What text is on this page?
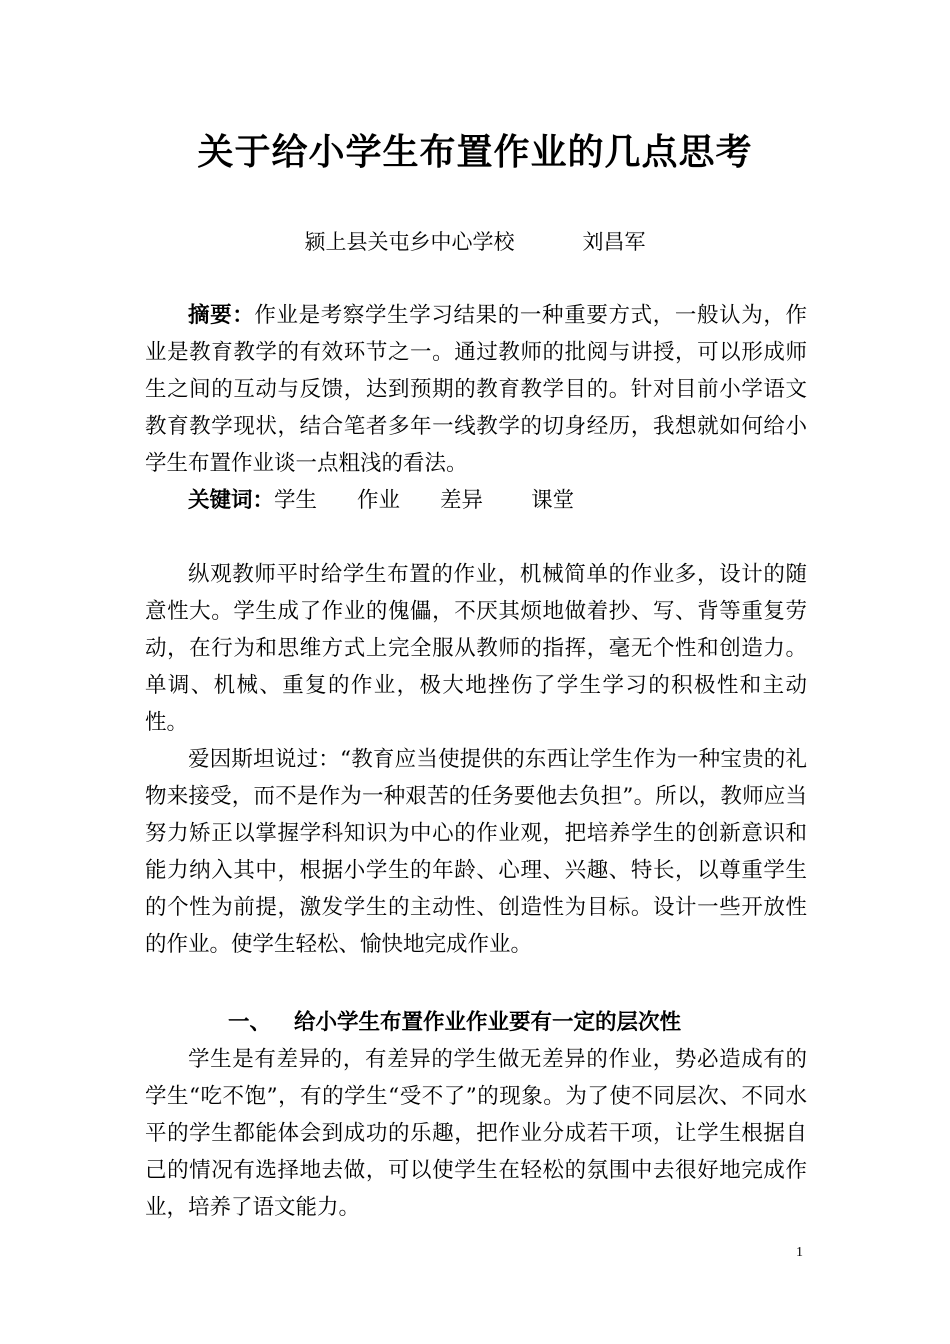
关于给小学生布置作业的几点思考
颍上县关屯乡中心学校	刘昌军

摘要：作业是考察学生学习结果的一种重要方式，一般认为，作业是教育教学的有效环节之一。通过教师的批阅与讲授，可以形成师生之间的互动与反馈，达到预期的教育教学目的。针对目前小学语文教育教学现状，结合笔者多年一线教学的切身经历，我想就如何给小学生布置作业谈一点粗浅的看法。

关键词：学生 作业 差异 课堂

纵观教师平时给学生布置的作业，机械简单的作业多，设计的随意性大。学生成了作业的傀儡，不厌其烦地做着抄、写、背等重复劳动，在行为和思维方式上完全服从教师的指挥，毫无个性和创造力。单调、机械、重复的作业，极大地挫伤了学生学习的积极性和主动性。

爱因斯坦说过：“教育应当使提供的东西让学生作为一种宝贵的礼物来接受，而不是作为一种艰苦的任务要他去负担”。所以，教师应当努力矫正以掌握学科知识为中心的作业观，把培养学生的创新意识和能力纳入其中，根据小学生的年龄、心理、兴趣、特长，以尊重学生的个性为前提，激发学生的主动性、创造性为目标。设计一些开放性的作业。使学生轻松、愉快地完成作业。

一、 给小学生布置作业作业要有一定的层次性

学生是有差异的，有差异的学生做无差异的作业，势必造成有的学生“吃不饱”，有的学生“受不了”的现象。为了使不同层次、不同水平的学生都能体会到成功的乐趣，把作业分成若干项，让学生根据自己的情况有选择地去做，可以使学生在轻松的氛围中去很好地完成作业，培养了语文能力。

1
